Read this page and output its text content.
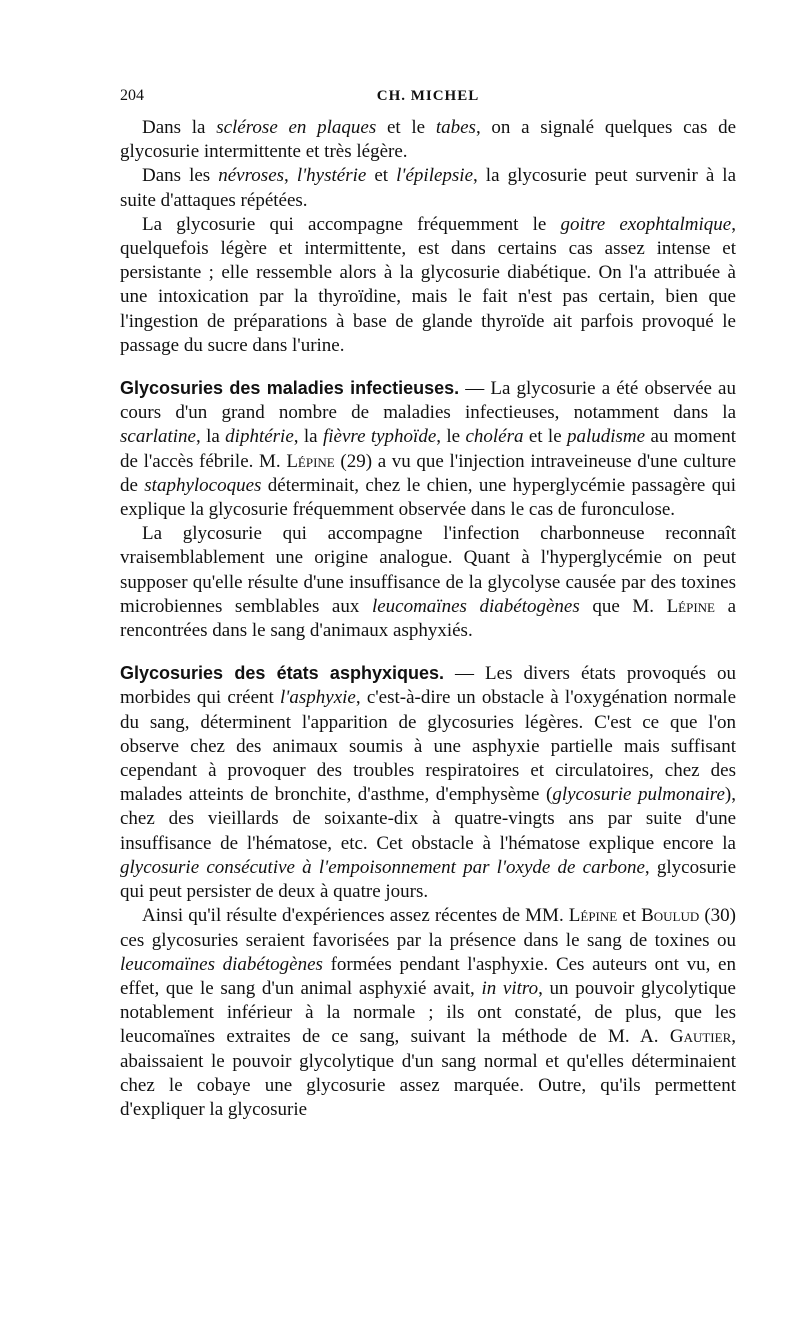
204	CH. MICHEL

Dans la sclérose en plaques et le tabes, on a signalé quelques cas de glycosurie intermittente et très légère.

Dans les névroses, l'hystérie et l'épilepsie, la glycosurie peut survenir à la suite d'attaques répétées.

La glycosurie qui accompagne fréquemment le goitre exophtalmique, quelquefois légère et intermittente, est dans certains cas assez intense et persistante ; elle ressemble alors à la glycosurie diabétique. On l'a attribuée à une intoxication par la thyroïdine, mais le fait n'est pas certain, bien que l'ingestion de préparations à base de glande thyroïde ait parfois provoqué le passage du sucre dans l'urine.

Glycosuries des maladies infectieuses. — La glycosurie a été observée au cours d'un grand nombre de maladies infectieuses, notamment dans la scarlatine, la diphtérie, la fièvre typhoïde, le choléra et le paludisme au moment de l'accès fébrile. M. Lépine (29) a vu que l'injection intraveineuse d'une culture de staphylocoques déterminait, chez le chien, une hyperglycémie passagère qui explique la glycosurie fréquemment observée dans le cas de furonculose.

La glycosurie qui accompagne l'infection charbonneuse reconnaît vraisemblablement une origine analogue. Quant à l'hyperglycémie on peut supposer qu'elle résulte d'une insuffisance de la glycolyse causée par des toxines microbiennes semblables aux leucomaïnes diabétogènes que M. Lépine a rencontrées dans le sang d'animaux asphyxiés.

Glycosuries des états asphyxiques. — Les divers états provoqués ou morbides qui créent l'asphyxie, c'est-à-dire un obstacle à l'oxygénation normale du sang, déterminent l'apparition de glycosuries légères. C'est ce que l'on observe chez des animaux soumis à une asphyxie partielle mais suffisant cependant à provoquer des troubles respiratoires et circulatoires, chez des malades atteints de bronchite, d'asthme, d'emphysème (glycosurie pulmonaire), chez des vieillards de soixante-dix à quatre-vingts ans par suite d'une insuffisance de l'hématose, etc. Cet obstacle à l'hématose explique encore la glycosurie consécutive à l'empoisonnement par l'oxyde de carbone, glycosurie qui peut persister de deux à quatre jours.

Ainsi qu'il résulte d'expériences assez récentes de MM. Lépine et Boulud (30) ces glycosuries seraient favorisées par la présence dans le sang de toxines ou leucomaïnes diabétogènes formées pendant l'asphyxie. Ces auteurs ont vu, en effet, que le sang d'un animal asphyxié avait, in vitro, un pouvoir glycolytique notablement inférieur à la normale ; ils ont constaté, de plus, que les leucomaïnes extraites de ce sang, suivant la méthode de M. A. Gautier, abaissaient le pouvoir glycolytique d'un sang normal et qu'elles déterminaient chez le cobaye une glycosurie assez marquée. Outre, qu'ils permettent d'expliquer la glycosurie
